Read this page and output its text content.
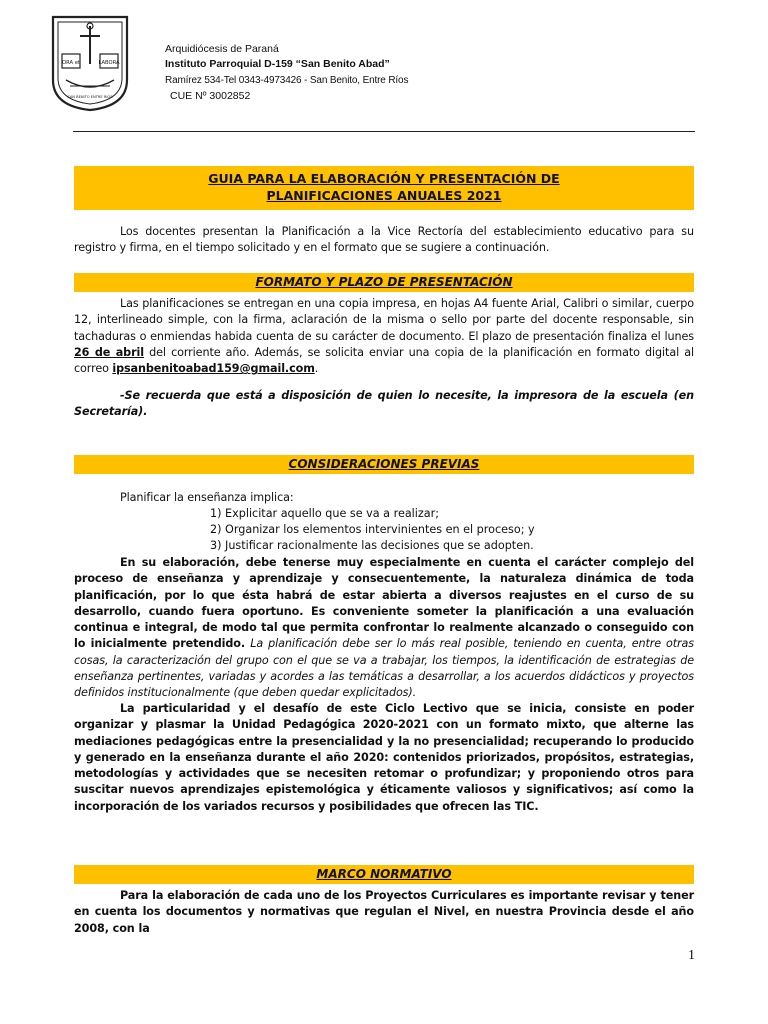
ORA et	LABORA
SAN BENITO ENTRE RIOS
Arquidiócesis de Paraná
Instituto Parroquial D-159 “San Benito Abad”
Ramírez 534-Tel 0343-4973426 - San Benito, Entre Ríos
CUE Nº 3002852
GUIA PARA LA ELABORACIÓN Y PRESENTACIÓN DE
PLANIFICACIONES ANUALES 2021

Los docentes presentan la Planificación a la Vice Rectoría del establecimiento educativo para su registro y firma, en el tiempo solicitado y en el formato que se sugiere a continuación.

FORMATO Y PLAZO DE PRESENTACIÓN

Las planificaciones se entregan en una copia impresa, en hojas A4 fuente Arial, Calibri o similar, cuerpo 12, interlineado simple, con la firma, aclaración de la misma o sello por parte del docente responsable, sin tachaduras o enmiendas habida cuenta de su carácter de documento. El plazo de presentación finaliza el lunes 26 de abril del corriente año. Además, se solicita enviar una copia de la planificación en formato digital al correo ipsanbenitoabad159@gmail.com.

-Se recuerda que está a disposición de quien lo necesite, la impresora de la escuela (en Secretaría).

CONSIDERACIONES PREVIAS

Planificar la enseñanza implica:

1) Explicitar aquello que se va a realizar;
2) Organizar los elementos intervinientes en el proceso; y
3) Justificar racionalmente las decisiones que se adopten.

En su elaboración, debe tenerse muy especialmente en cuenta el carácter complejo del proceso de enseñanza y aprendizaje y consecuentemente, la naturaleza dinámica de toda planificación, por lo que ésta habrá de estar abierta a diversos reajustes en el curso de su desarrollo, cuando fuera oportuno. Es conveniente someter la planificación a una evaluación continua e integral, de modo tal que permita confrontar lo realmente alcanzado o conseguido con lo inicialmente pretendido. La planificación debe ser lo más real posible, teniendo en cuenta, entre otras cosas, la caracterización del grupo con el que se va a trabajar, los tiempos, la identificación de estrategias de enseñanza pertinentes, variadas y acordes a las temáticas a desarrollar, a los acuerdos didácticos y proyectos definidos institucionalmente (que deben quedar explicitados).

La particularidad y el desafío de este Ciclo Lectivo que se inicia, consiste en poder organizar y plasmar la Unidad Pedagógica 2020-2021 con un formato mixto, que alterne las mediaciones pedagógicas entre la presencialidad y la no presencialidad; recuperando lo producido y generado en la enseñanza durante el año 2020: contenidos priorizados, propósitos, estrategias, metodologías y actividades que se necesiten retomar o profundizar; y proponiendo otros para suscitar nuevos aprendizajes epistemológica y éticamente valiosos y significativos; así como la incorporación de los variados recursos y posibilidades que ofrecen las TIC.

MARCO NORMATIVO

Para la elaboración de cada uno de los Proyectos Curriculares es importante revisar y tener en cuenta los documentos y normativas que regulan el Nivel, en nuestra Provincia desde el año 2008, con la

1
